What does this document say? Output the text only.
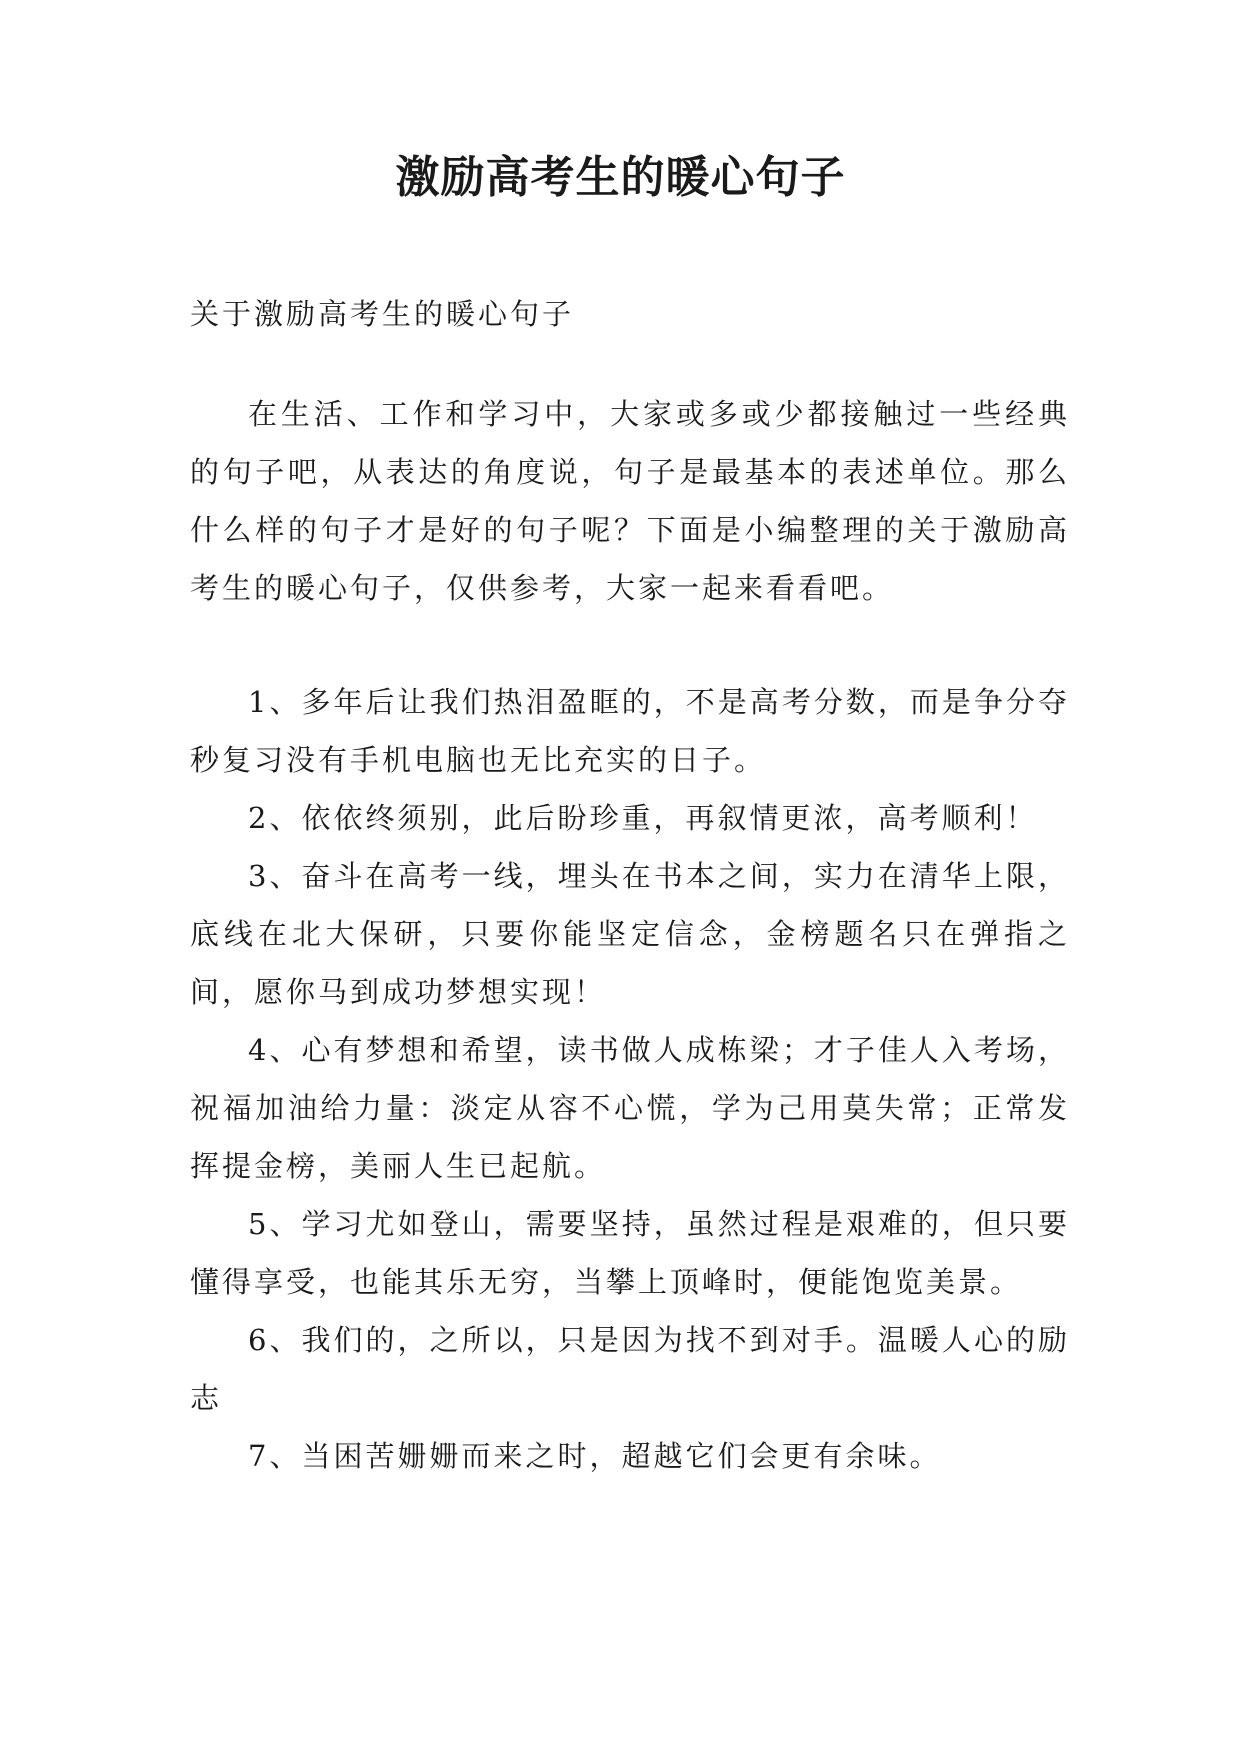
激励高考生的暖心句子

关于激励高考生的暖心句子

在生活、工作和学习中，大家或多或少都接触过一些经典的句子吧，从表达的角度说，句子是最基本的表述单位。那么什么样的句子才是好的句子呢？下面是小编整理的关于激励高考生的暖心句子，仅供参考，大家一起来看看吧。

1、多年后让我们热泪盈眶的，不是高考分数，而是争分夺秒复习没有手机电脑也无比充实的日子。

2、依依终须别，此后盼珍重，再叙情更浓，高考顺利！

3、奋斗在高考一线，埋头在书本之间，实力在清华上限，底线在北大保研，只要你能坚定信念，金榜题名只在弹指之间，愿你马到成功梦想实现！

4、心有梦想和希望，读书做人成栋梁；才子佳人入考场，祝福加油给力量：淡定从容不心慌，学为己用莫失常；正常发挥提金榜，美丽人生已起航。

5、学习尤如登山，需要坚持，虽然过程是艰难的，但只要懂得享受，也能其乐无穷，当攀上顶峰时，便能饱览美景。

6、我们的，之所以，只是因为找不到对手。温暖人心的励志

7、当困苦姗姗而来之时，超越它们会更有余味。
